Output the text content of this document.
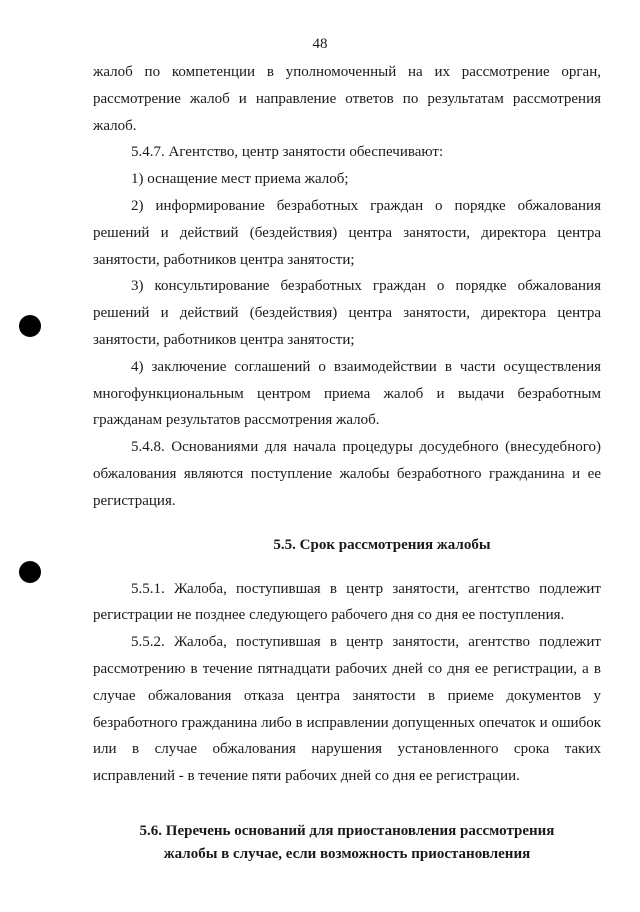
48

жалоб по компетенции в уполномоченный на их рассмотрение орган, рассмотрение жалоб и направление ответов по результатам рассмотрения жалоб.

5.4.7. Агентство, центр занятости обеспечивают:

1) оснащение мест приема жалоб;

2) информирование безработных граждан о порядке обжалования решений и действий (бездействия) центра занятости, директора центра занятости, работников центра занятости;

3) консультирование безработных граждан о порядке обжалования решений и действий (бездействия) центра занятости, директора центра занятости, работников центра занятости;

4) заключение соглашений о взаимодействии в части осуществления многофункциональным центром приема жалоб и выдачи безработным гражданам результатов рассмотрения жалоб.

5.4.8. Основаниями для начала процедуры досудебного (внесудебного) обжалования являются поступление жалобы безработного гражданина и ее регистрация.

5.5. Срок рассмотрения жалобы

5.5.1. Жалоба, поступившая в центр занятости, агентство подлежит регистрации не позднее следующего рабочего дня со дня ее поступления.

5.5.2. Жалоба, поступившая в центр занятости, агентство подлежит рассмотрению в течение пятнадцати рабочих дней со дня ее регистрации, а в случае обжалования отказа центра занятости в приеме документов у безработного гражданина либо в исправлении допущенных опечаток и ошибок или в случае обжалования нарушения установленного срока таких исправлений - в течение пяти рабочих дней со дня ее регистрации.

5.6. Перечень оснований для приостановления рассмотрения
жалобы в случае, если возможность приостановления
